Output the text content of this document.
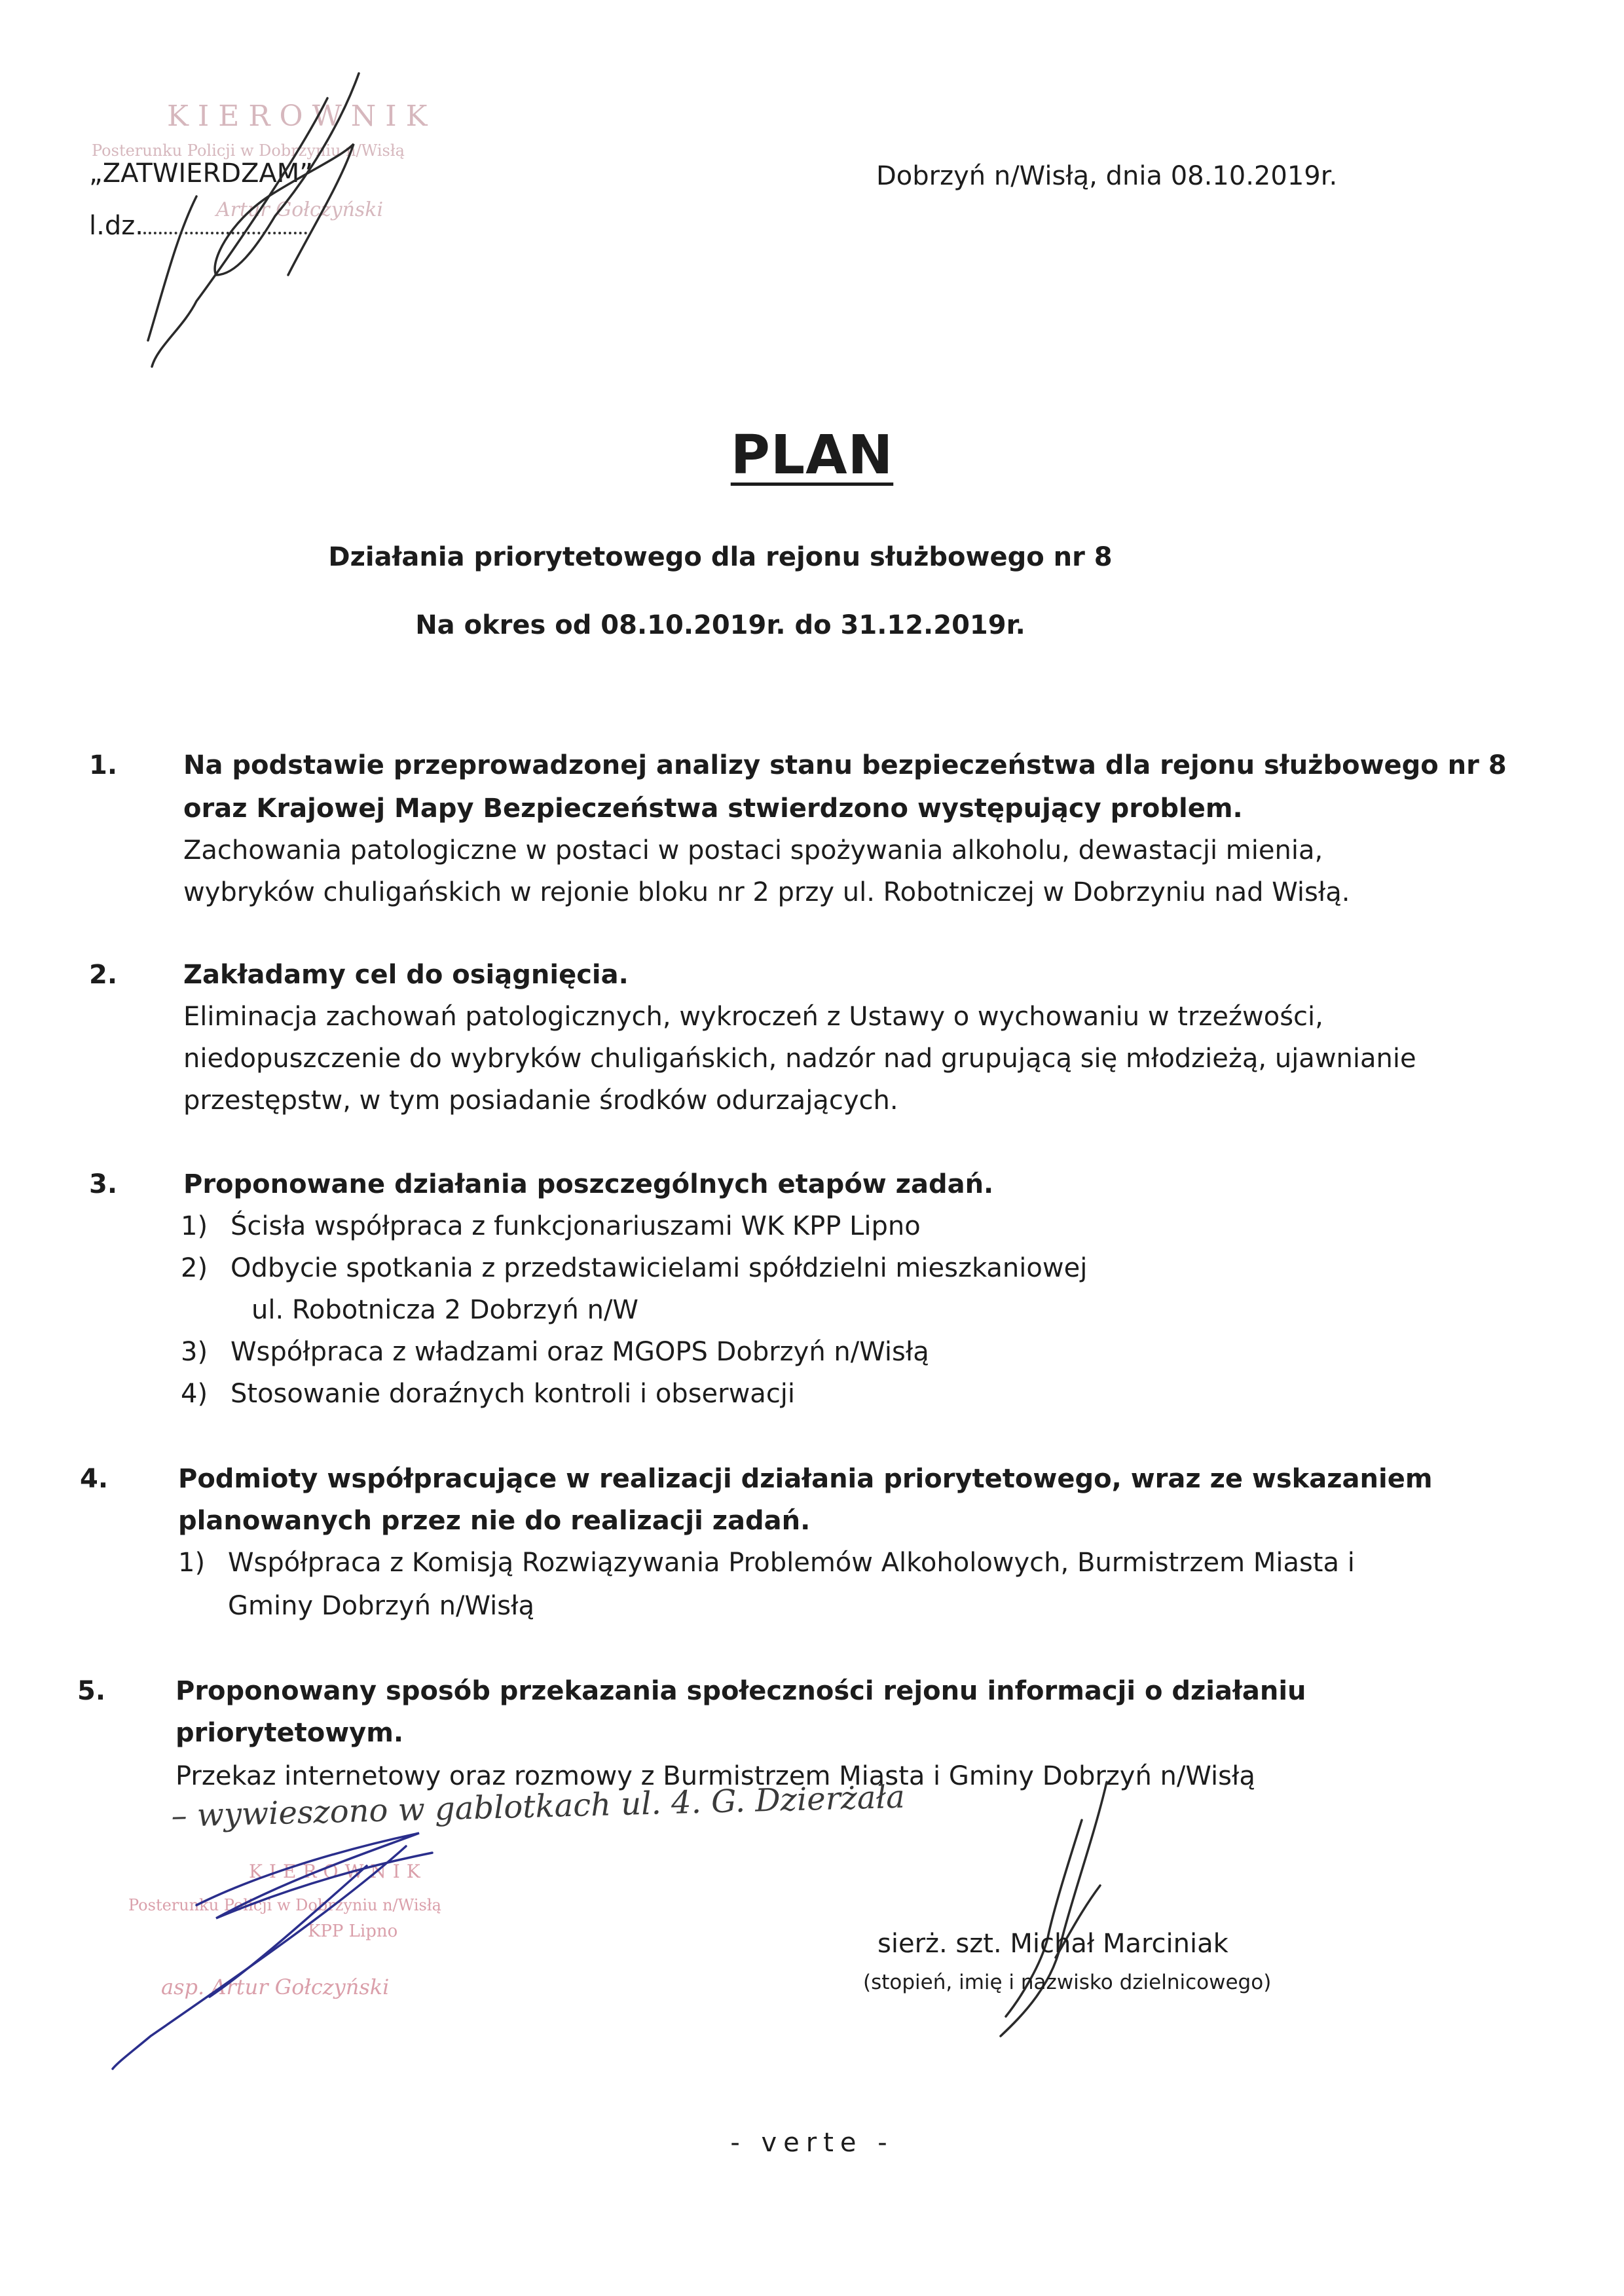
„ZATWIERDZAM”
l.dz.
Dobrzyń n/Wisłą, dnia 08.10.2019r.
PLAN
Działania priorytetowego dla rejonu służbowego nr 8
Na okres od 08.10.2019r. do 31.12.2019r.
1.	Na podstawie przeprowadzonej analizy stanu bezpieczeństwa dla rejonu służbowego nr 8
oraz Krajowej Mapy Bezpieczeństwa stwierdzono występujący problem.
Zachowania patologiczne w postaci w postaci spożywania alkoholu, dewastacji mienia,
wybryków chuligańskich w rejonie bloku nr 2 przy ul. Robotniczej w Dobrzyniu nad Wisłą.
2.	Zakładamy cel do osiągnięcia.
Eliminacja zachowań patologicznych, wykroczeń z Ustawy o wychowaniu w trzeźwości,
niedopuszczenie do wybryków chuligańskich, nadzór nad grupującą się młodzieżą, ujawnianie
przestępstw, w tym posiadanie środków odurzających.
3.	Proponowane działania poszczególnych etapów zadań.
1) Ścisła współpraca z funkcjonariuszami WK KPP Lipno
2) Odbycie spotkania z przedstawicielami spółdzielni mieszkaniowej
ul. Robotnicza 2 Dobrzyń n/W
3) Współpraca z władzami oraz MGOPS Dobrzyń n/Wisłą
4) Stosowanie doraźnych kontroli i obserwacji
4.	Podmioty współpracujące w realizacji działania priorytetowego, wraz ze wskazaniem
planowanych przez nie do realizacji zadań.
1) Współpraca z Komisją Rozwiązywania Problemów Alkoholowych, Burmistrzem Miasta i
Gminy Dobrzyń n/Wisłą
5.	Proponowany sposób przekazania społeczności rejonu informacji o działaniu
priorytetowym.
Przekaz internetowy oraz rozmowy z Burmistrzem Miasta i Gminy Dobrzyń n/Wisłą
KIEROWNIK
Posterunku Policji w Dobrzyniu n/Wisłą
Artur Gołczyński
– wywieszono w gablotkach ul. 4. G. Dzierżała
KIEROWNIK
Posterunku Policji w Dobrzyniu n/Wisłą
KPP Lipno
asp. Artur Gołczyński
sierż. szt. Michał Marciniak
(stopień, imię i nazwisko dzielnicowego)
- verte -
